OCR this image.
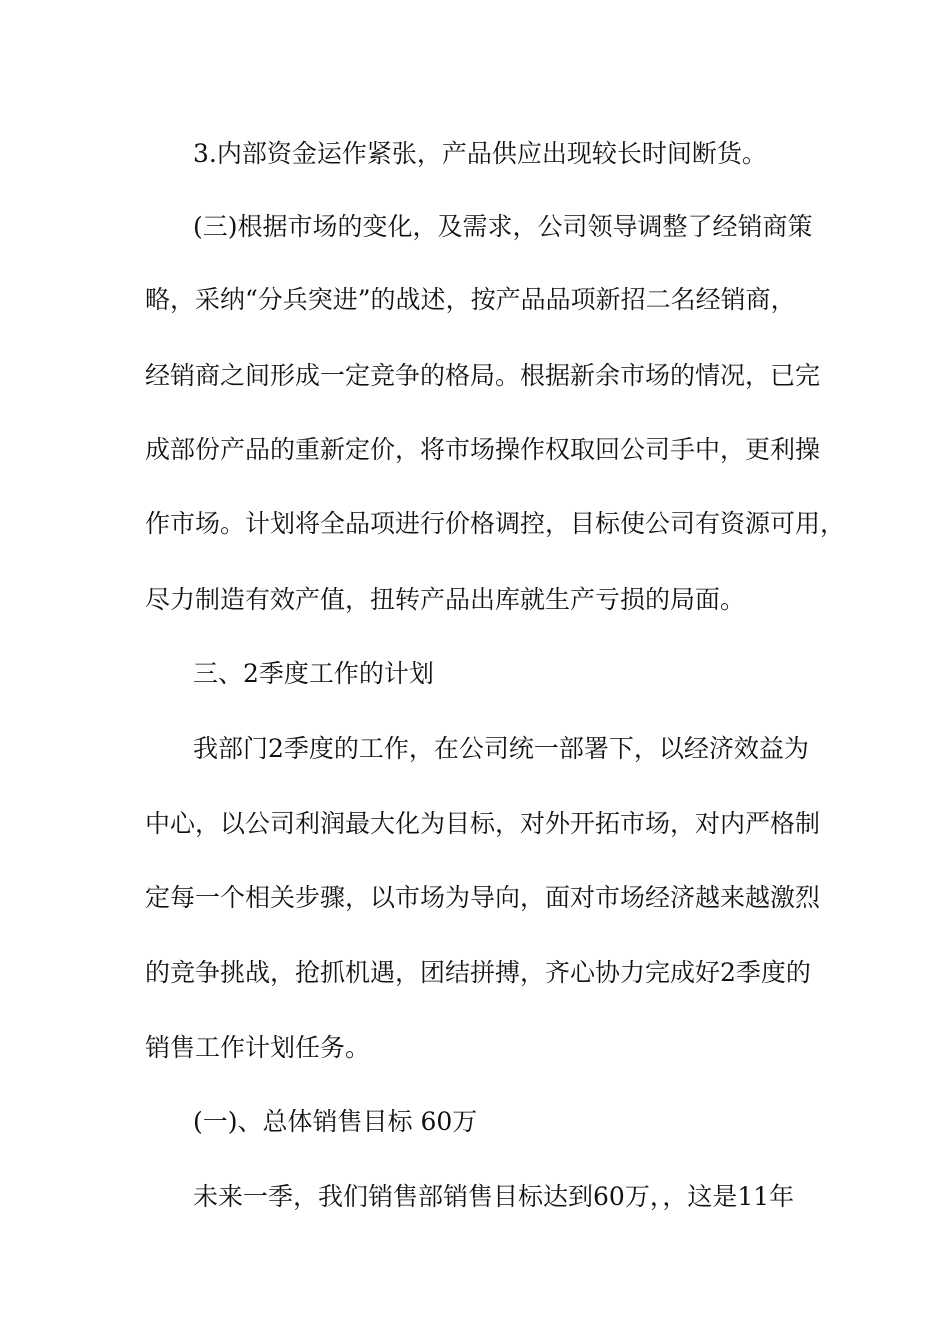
3.内部资金运作紧张，产品供应出现较长时间断货。
(三)根据市场的变化，及需求，公司领导调整了经销商策
略，采纳“分兵突进”的战述，按产品品项新招二名经销商，
经销商之间形成一定竞争的格局。根据新余市场的情况，已完
成部份产品的重新定价，将市场操作权取回公司手中，更利操
作市场。计划将全品项进行价格调控，目标使公司有资源可用，
尽力制造有效产值，扭转产品出库就生产亏损的局面。
三、2季度工作的计划
我部门2季度的工作，在公司统一部署下，以经济效益为
中心，以公司利润最大化为目标，对外开拓市场，对内严格制
定每一个相关步骤，以市场为导向，面对市场经济越来越激烈
的竞争挑战，抢抓机遇，团结拼搏，齐心协力完成好2季度的
销售工作计划任务。
(一)、总体销售目标 60万
未来一季，我们销售部销售目标达到60万，，这是11年
